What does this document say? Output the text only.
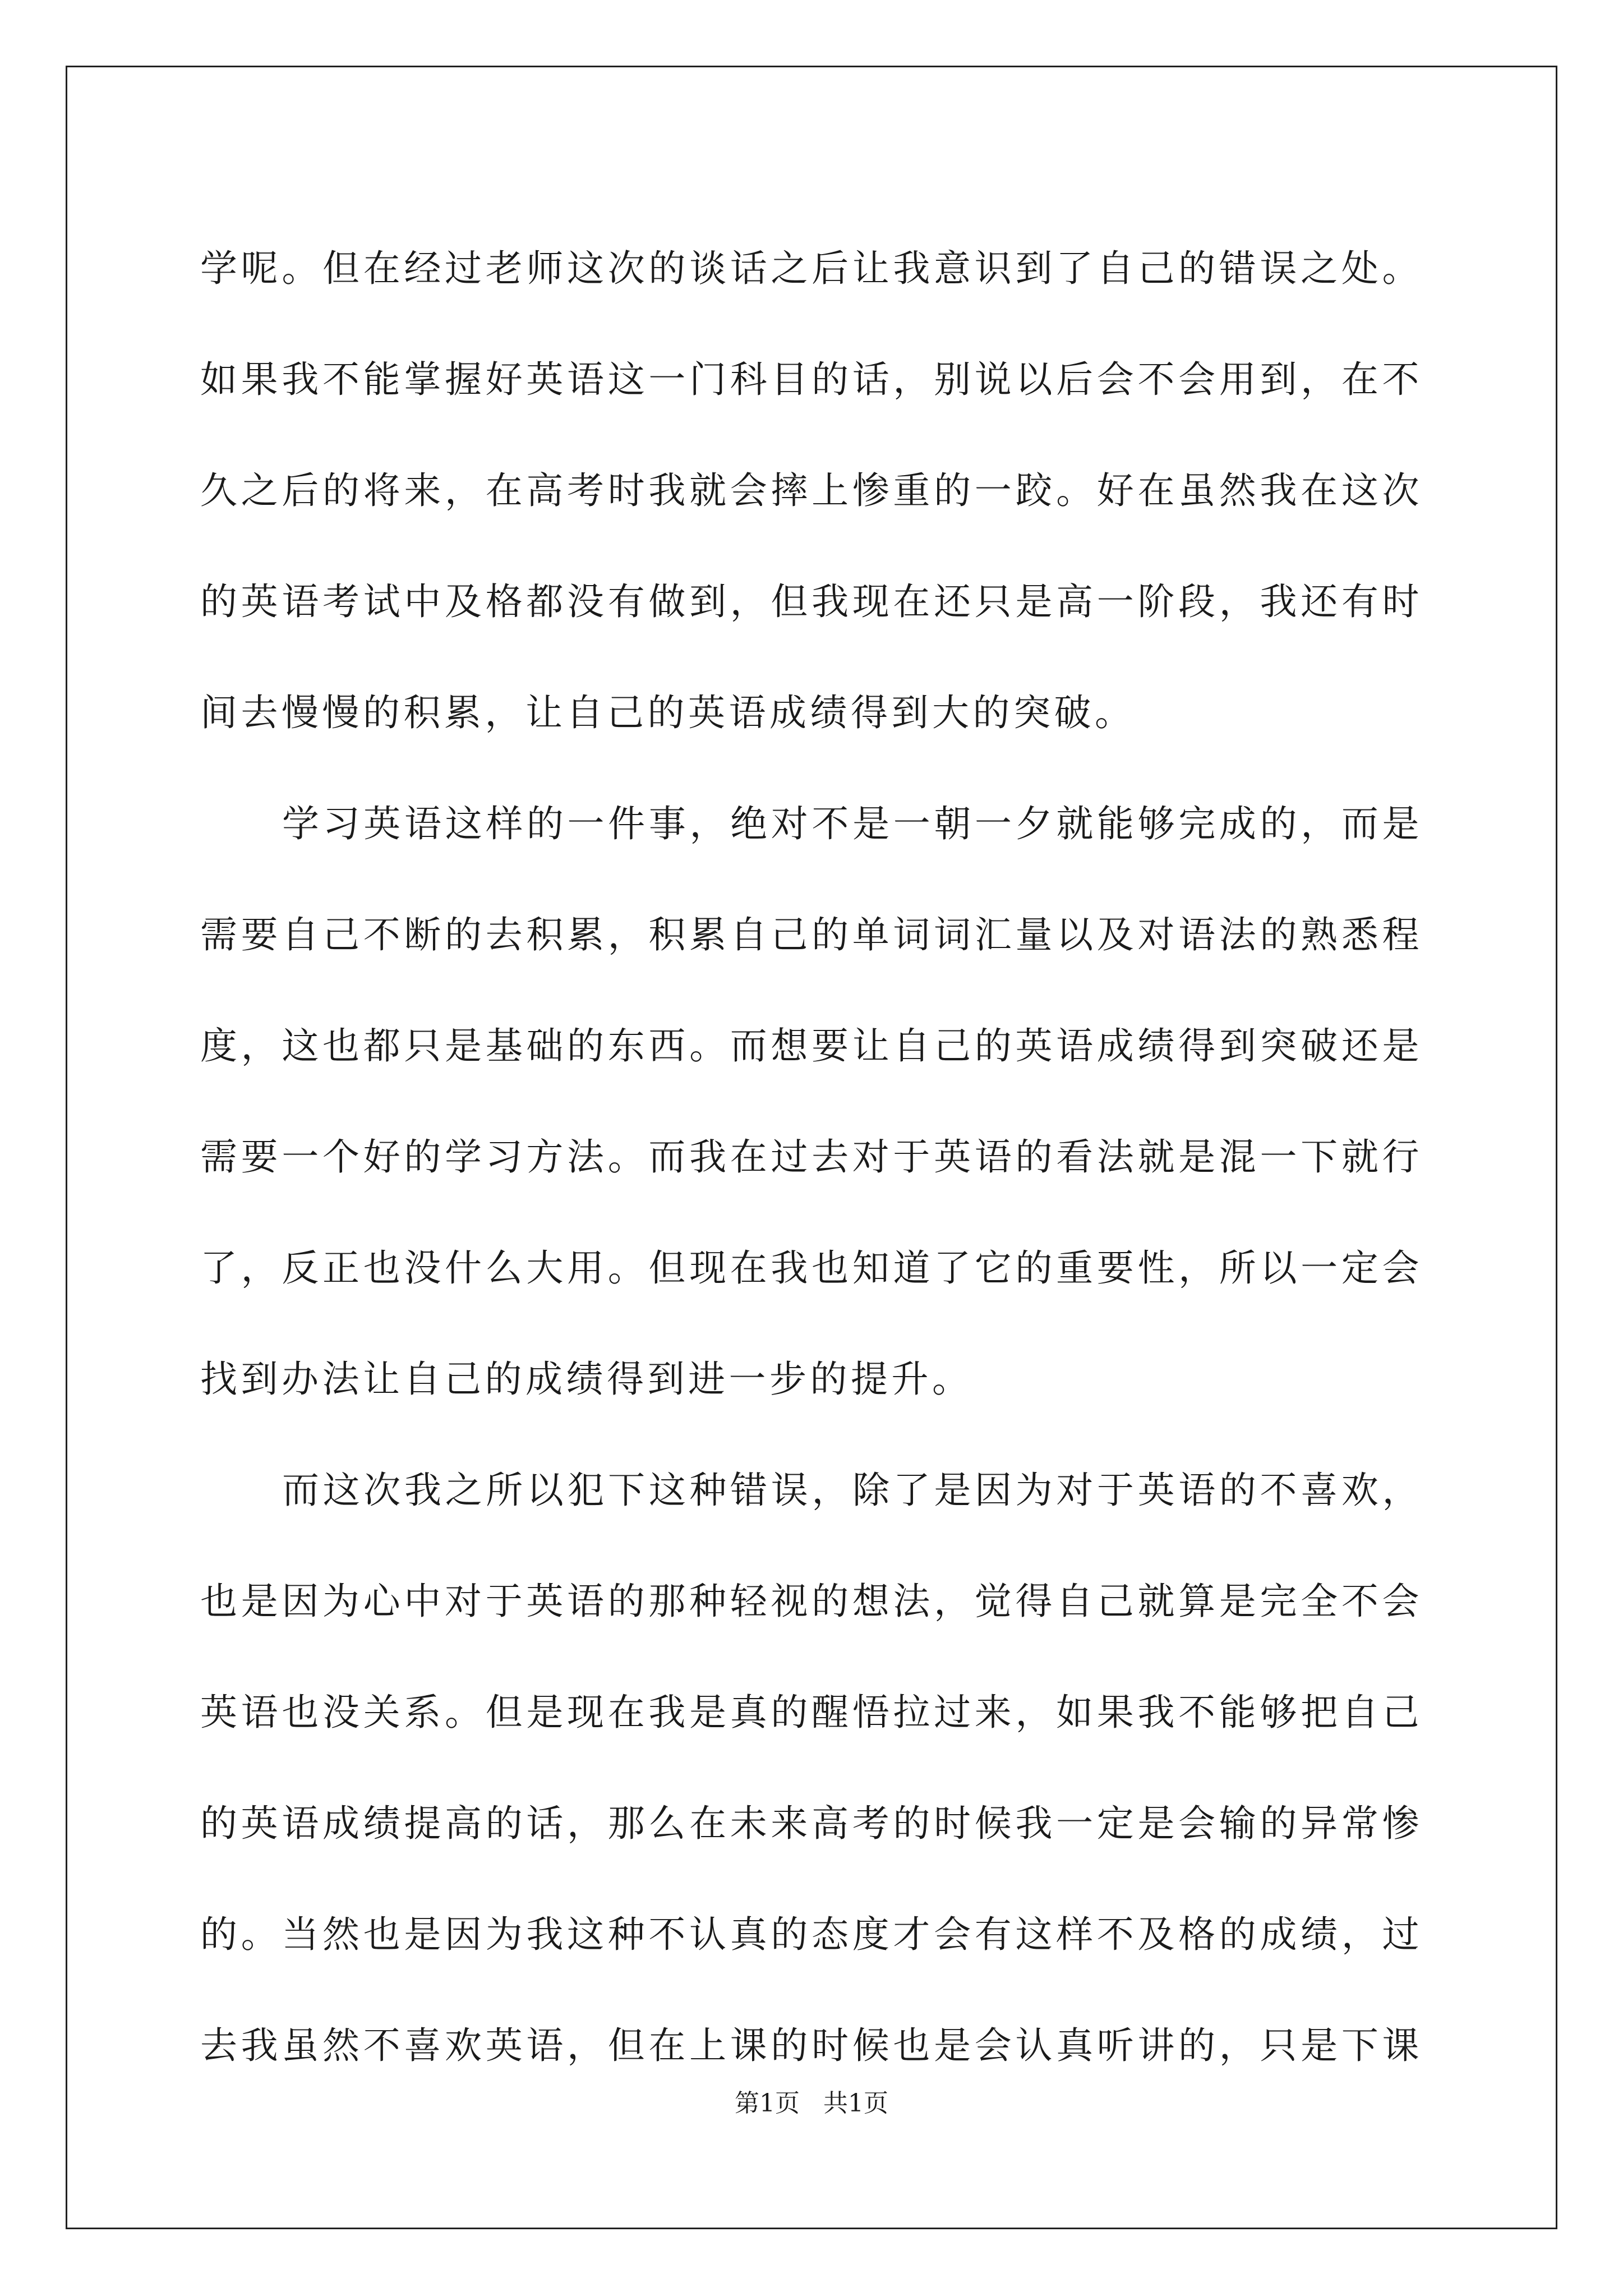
学呢。但在经过老师这次的谈话之后让我意识到了自己的错误之处。
如果我不能掌握好英语这一门科目的话，别说以后会不会用到，在不
久之后的将来，在高考时我就会摔上惨重的一跤。好在虽然我在这次
的英语考试中及格都没有做到，但我现在还只是高一阶段，我还有时
间去慢慢的积累，让自己的英语成绩得到大的突破。
学习英语这样的一件事，绝对不是一朝一夕就能够完成的，而是
需要自己不断的去积累，积累自己的单词词汇量以及对语法的熟悉程
度，这也都只是基础的东西。而想要让自己的英语成绩得到突破还是
需要一个好的学习方法。而我在过去对于英语的看法就是混一下就行
了，反正也没什么大用。但现在我也知道了它的重要性，所以一定会
找到办法让自己的成绩得到进一步的提升。
而这次我之所以犯下这种错误，除了是因为对于英语的不喜欢，
也是因为心中对于英语的那种轻视的想法，觉得自己就算是完全不会
英语也没关系。但是现在我是真的醒悟拉过来，如果我不能够把自己
的英语成绩提高的话，那么在未来高考的时候我一定是会输的异常惨
的。当然也是因为我这种不认真的态度才会有这样不及格的成绩，过
去我虽然不喜欢英语，但在上课的时候也是会认真听讲的，只是下课
第1页 共1页
